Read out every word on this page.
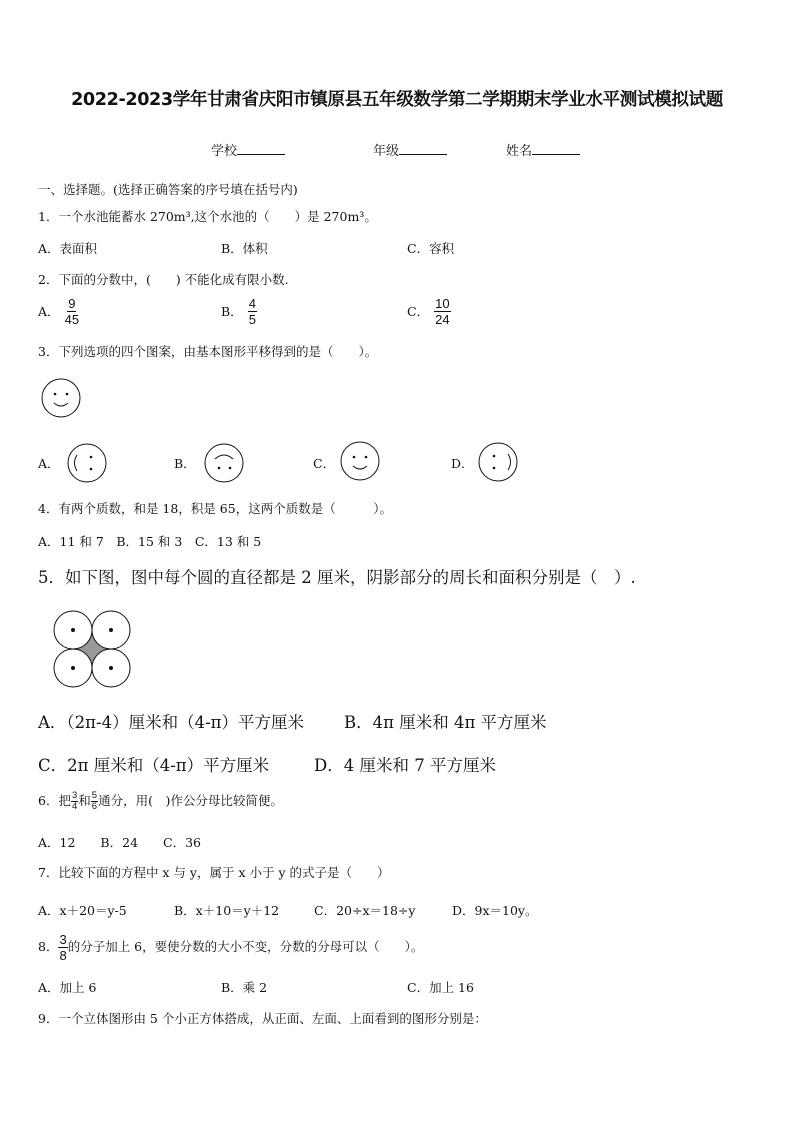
2022-2023学年甘肃省庆阳市镇原县五年级数学第二学期期末学业水平测试模拟试题
学校	年级	姓名
一、选择题。(选择正确答案的序号填在括号内)
1．一个水池能蓄水 270m³,这个水池的（　　）是 270m³。
A．表面积	B．体积	C．容积
2．下面的分数中，(　　) 不能化成有限小数.
A． $\frac{9}{45}$	B． $\frac{4}{5}$	C． $\frac{10}{24}$
3．下列选项的四个图案，由基本图形平移得到的是（　　）。
A．	B．	C．	D．
4．有两个质数，和是 18，积是 65，这两个质数是（　　　）。
A．11 和 7　B．15 和 3　C．13 和 5
5．如下图，图中每个圆的直径都是 2 厘米，阴影部分的周长和面积分别是（　）.
A．（2π-4）厘米和（4-π）平方厘米 B．4π 厘米和 4π 平方厘米
C．2π 厘米和（4-π）平方厘米	D．4 厘米和 7 平方厘米
6．把 $\frac{3}{4}$ 和 $\frac{5}{6}$ 通分，用(　)作公分母比较简便。
A．12　　B．24　　C．36
7．比较下面的方程中 x 与 y，属于 x 小于 y 的式子是（　　）
A．x＋20＝y-5	B．x＋10＝y＋12	C．20÷x＝18÷y	D．9x＝10y。
8． $\frac{3}{8}$ 的分子加上 6，要使分数的大小不变，分数的分母可以（　　）。
A．加上 6	B．乘 2	C．加上 16
9．一个立体图形由 5 个小正方体搭成，从正面、左面、上面看到的图形分别是：
